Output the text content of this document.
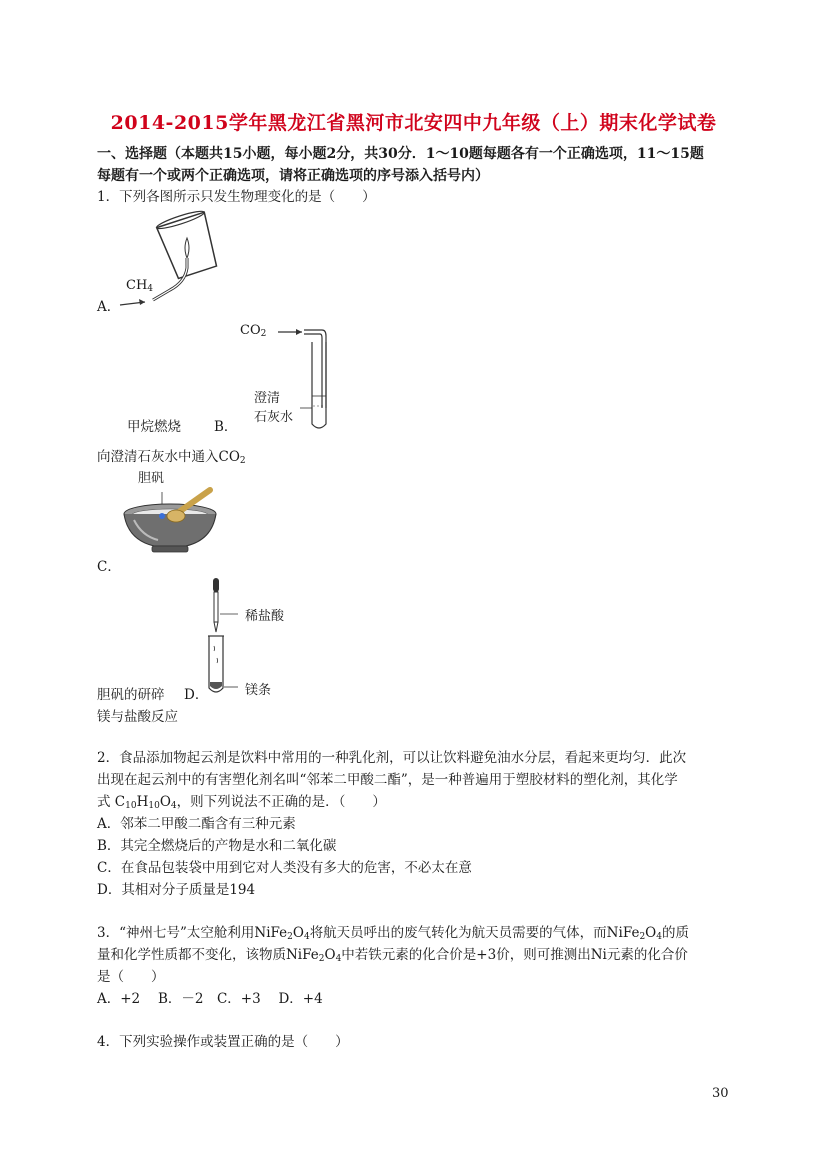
2014-2015学年黑龙江省黑河市北安四中九年级（上）期末化学试卷
一、选择题（本题共15小题，每小题2分，共30分．1～10题每题各有一个正确选项，11～15题
每题有一个或两个正确选项，请将正确选项的序号添入括号内）
1．下列各图所示只发生物理变化的是（　　）
$CH_4$
A．
$CO_2$
澄清
石灰水
甲烷燃烧 B．
向澄清石灰水中通入$CO_2$
胆矾
C．
稀盐酸
镁条
胆矾的研碎 D．
镁与盐酸反应
2．食品添加物起云剂是饮料中常用的一种乳化剂，可以让饮料避免油水分层，看起来更均匀．此次
出现在起云剂中的有害塑化剂名叫“邻苯二甲酸二酯”，是一种普遍用于塑胶材料的塑化剂，其化学
式 $C_{10}H_{10}O_4$，则下列说法不正确的是．（　　）
A．邻苯二甲酸二酯含有三种元素
B．其完全燃烧后的产物是水和二氧化碳
C．在食品包装袋中用到它对人类没有多大的危害，不必太在意
D．其相对分子质量是194
3．“神州七号”太空舱利用$NiFe_2O_4$将航天员呼出的废气转化为航天员需要的气体，而$NiFe_2O_4$的质
量和化学性质都不变化，该物质$NiFe_2O_4$中若铁元素的化合价是+3价，则可推测出Ni元素的化合价
是（　　）
A．+2　 B．－2　C．+3　 D．+4
4．下列实验操作或装置正确的是（　　）
30
